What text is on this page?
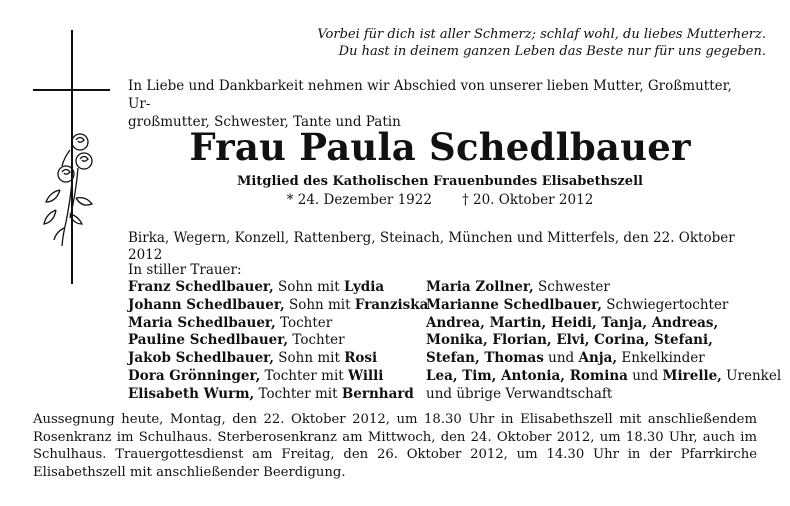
Vorbei für dich ist aller Schmerz; schlaf wohl, du liebes Mutterherz.
Du hast in deinem ganzen Leben das Beste nur für uns gegeben.
In Liebe und Dankbarkeit nehmen wir Abschied von unserer lieben Mutter, Großmutter, Ur-
großmutter, Schwester, Tante und Patin
Frau Paula Schedlbauer
Mitglied des Katholischen Frauenbundes Elisabethszell
* 24. Dezember 1922 † 20. Oktober 2012
Birka, Wegern, Konzell, Rattenberg, Steinach, München und Mitterfels, den 22. Oktober 2012
In stiller Trauer:
Franz Schedlbauer, Sohn mit Lydia
Johann Schedlbauer, Sohn mit Franziska
Maria Schedlbauer, Tochter
Pauline Schedlbauer, Tochter
Jakob Schedlbauer, Sohn mit Rosi
Dora Grönninger, Tochter mit Willi
Elisabeth Wurm, Tochter mit Bernhard
Maria Zollner, Schwester
Marianne Schedlbauer, Schwiegertochter
Andrea, Martin, Heidi, Tanja, Andreas,
Monika, Florian, Elvi, Corina, Stefani,
Stefan, Thomas und Anja, Enkelkinder
Lea, Tim, Antonia, Romina und Mirelle, Urenkel
und übrige Verwandtschaft
Aussegnung heute, Montag, den 22. Oktober 2012, um 18.30 Uhr in Elisabethszell mit anschließendem Rosenkranz im Schulhaus. Sterberosenkranz am Mittwoch, den 24. Oktober 2012, um 18.30 Uhr, auch im Schulhaus. Trauergottesdienst am Freitag, den 26. Oktober 2012, um 14.30 Uhr in der Pfarrkirche Elisabethszell mit anschließender Beerdigung.
